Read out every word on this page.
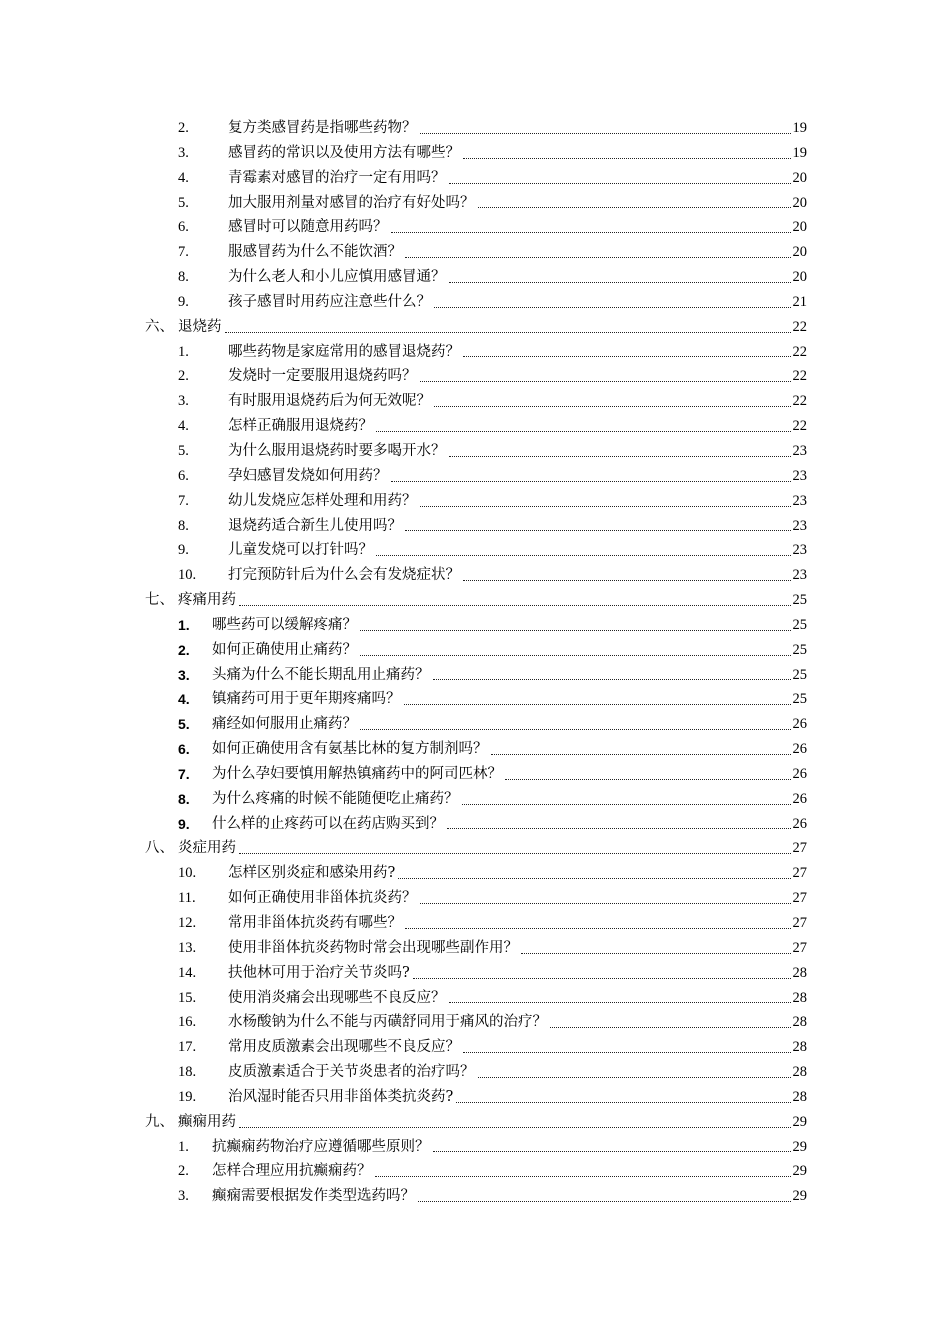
2.	复方类感冒药是指哪些药物？	19
3.	感冒药的常识以及使用方法有哪些？	19
4.	青霉素对感冒的治疗一定有用吗？	20
5.	加大服用剂量对感冒的治疗有好处吗？	20
6.	感冒时可以随意用药吗？	20
7.	服感冒药为什么不能饮酒？	20
8.	为什么老人和小儿应慎用感冒通？	20
9.	孩子感冒时用药应注意些什么？	21
六、 退烧药	22
1.	哪些药物是家庭常用的感冒退烧药？	22
2.	发烧时一定要服用退烧药吗？	22
3.	有时服用退烧药后为何无效呢？	22
4.	怎样正确服用退烧药？	22
5.	为什么服用退烧药时要多喝开水？	23
6.	孕妇感冒发烧如何用药？	23
7.	幼儿发烧应怎样处理和用药？	23
8.	退烧药适合新生儿使用吗？	23
9.	儿童发烧可以打针吗？	23
10. 打完预防针后为什么会有发烧症状？	23
七、 疼痛用药	25
1. 哪些药可以缓解疼痛？	25
2. 如何正确使用止痛药？	25
3. 头痛为什么不能长期乱用止痛药？	25
4. 镇痛药可用于更年期疼痛吗？	25
5. 痛经如何服用止痛药？	26
6. 如何正确使用含有氨基比林的复方制剂吗？	26
7. 为什么孕妇要慎用解热镇痛药中的阿司匹林？	26
8. 为什么疼痛的时候不能随便吃止痛药？	26
9. 什么样的止疼药可以在药店购买到？	26
八、 炎症用药	27
10. 怎样区别炎症和感染用药?	27
11. 如何正确使用非甾体抗炎药？	27
12. 常用非甾体抗炎药有哪些？	27
13. 使用非甾体抗炎药物时常会出现哪些副作用？	27
14. 扶他林可用于治疗关节炎吗?	28
15. 使用消炎痛会出现哪些不良反应？	28
16. 水杨酸钠为什么不能与丙磺舒同用于痛风的治疗？	28
17. 常用皮质激素会出现哪些不良反应？	28
18. 皮质激素适合于关节炎患者的治疗吗？	28
19. 治风湿时能否只用非甾体类抗炎药?	28
九、 癫痫用药	29
1. 抗癫痫药物治疗应遵循哪些原则？	29
2. 怎样合理应用抗癫痫药？	29
3. 癫痫需要根据发作类型选药吗？	29
